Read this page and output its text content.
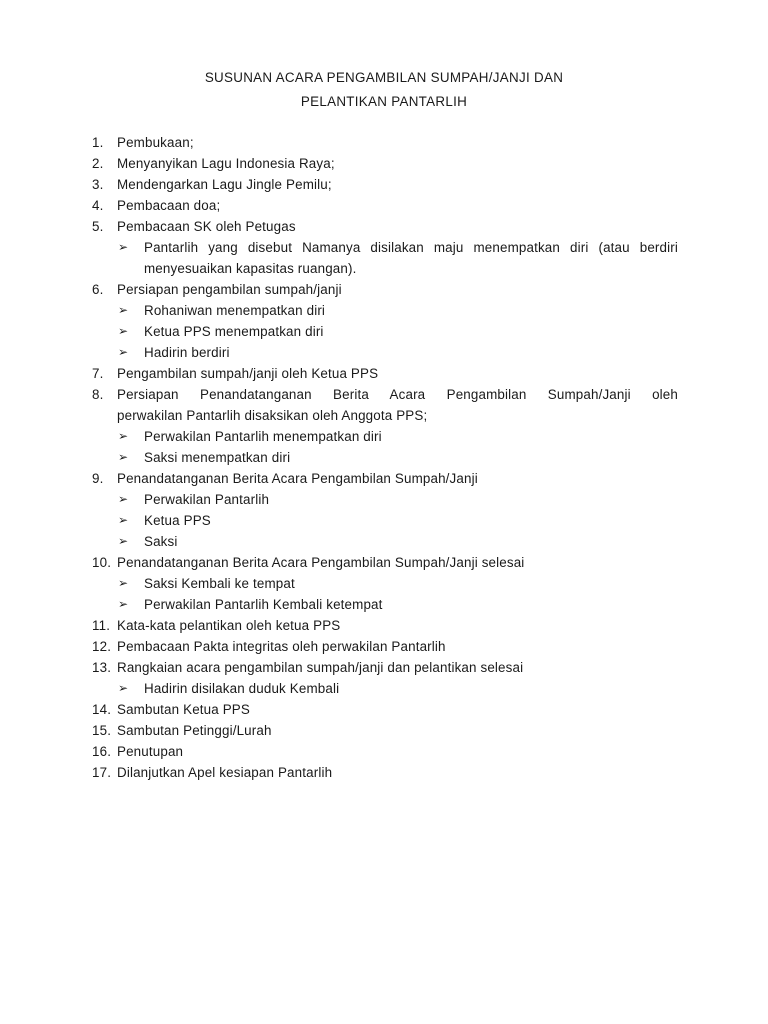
SUSUNAN ACARA PENGAMBILAN SUMPAH/JANJI DAN
PELANTIKAN PANTARLIH
1. Pembukaan;
2. Menyanyikan Lagu Indonesia Raya;
3. Mendengarkan Lagu Jingle Pemilu;
4. Pembacaan doa;
5. Pembacaan SK oleh Petugas
➢ Pantarlih yang disebut Namanya disilakan maju menempatkan diri (atau berdiri
menyesuaikan kapasitas ruangan).
6. Persiapan pengambilan sumpah/janji
➢ Rohaniwan menempatkan diri
➢ Ketua PPS menempatkan diri
➢ Hadirin berdiri
7. Pengambilan sumpah/janji oleh Ketua PPS
8. Persiapan Penandatanganan Berita Acara Pengambilan Sumpah/Janji oleh
perwakilan Pantarlih disaksikan oleh Anggota PPS;
➢ Perwakilan Pantarlih menempatkan diri
➢ Saksi menempatkan diri
9. Penandatanganan Berita Acara Pengambilan Sumpah/Janji
➢ Perwakilan Pantarlih
➢ Ketua PPS
➢ Saksi
10. Penandatanganan Berita Acara Pengambilan Sumpah/Janji selesai
➢ Saksi Kembali ke tempat
➢ Perwakilan Pantarlih Kembali ketempat
11. Kata-kata pelantikan oleh ketua PPS
12. Pembacaan Pakta integritas oleh perwakilan Pantarlih
13. Rangkaian acara pengambilan sumpah/janji dan pelantikan selesai
➢ Hadirin disilakan duduk Kembali
14. Sambutan Ketua PPS
15. Sambutan Petinggi/Lurah
16. Penutupan
17. Dilanjutkan Apel kesiapan Pantarlih
